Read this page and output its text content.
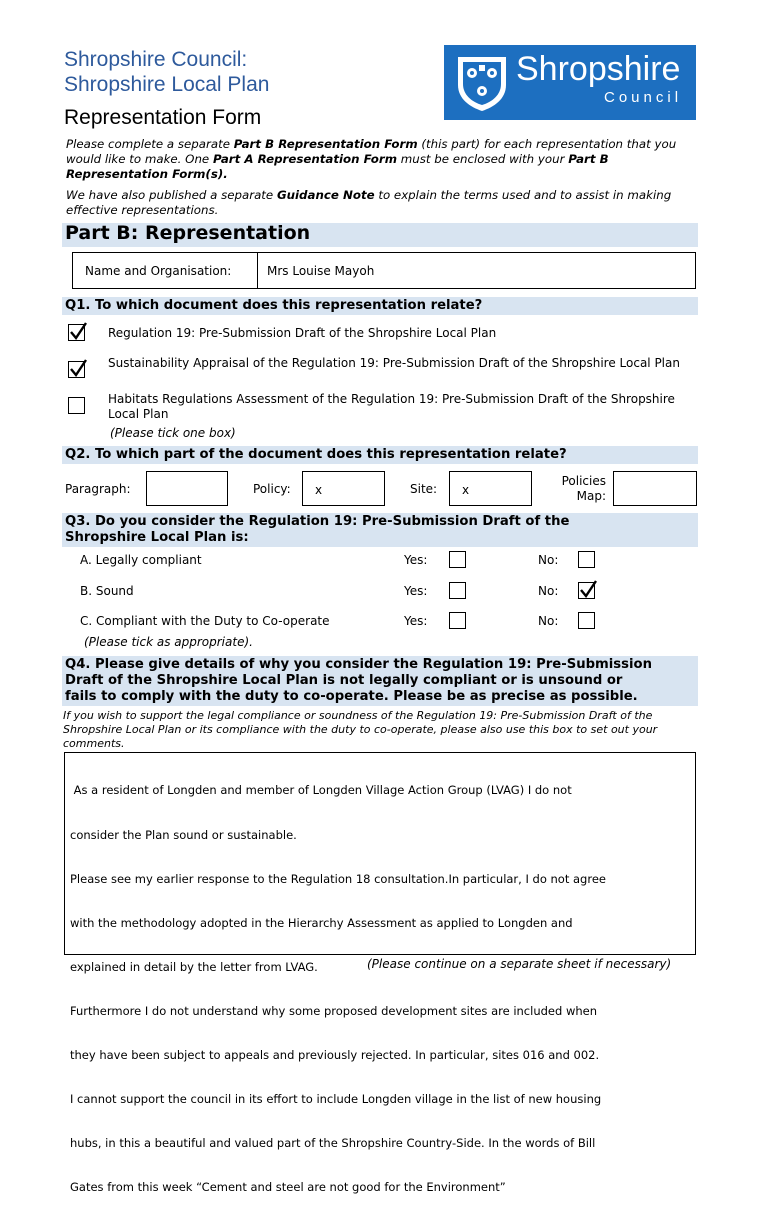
Shropshire Council:
Shropshire Local Plan
Representation Form
Shropshire
Council
Please complete a separate Part B Representation Form (this part) for each representation that you would like to make. One Part A Representation Form must be enclosed with your Part B Representation Form(s).
We have also published a separate Guidance Note to explain the terms used and to assist in making effective representations.
Part B: Representation
Name and Organisation:	Mrs Louise Mayoh
Q1. To which document does this representation relate?
Regulation 19: Pre-Submission Draft of the Shropshire Local Plan
Sustainability Appraisal of the Regulation 19: Pre-Submission Draft of the Shropshire Local Plan
Habitats Regulations Assessment of the Regulation 19: Pre-Submission Draft of the Shropshire Local Plan
(Please tick one box)
Q2. To which part of the document does this representation relate?
Paragraph:	Policy:	x	Site:	x
Policies
Map:
Q3. Do you consider the Regulation 19: Pre-Submission Draft of the
Shropshire Local Plan is:
A. Legally compliant	Yes:	No:
B. Sound	Yes:	No:
C. Compliant with the Duty to Co-operate	Yes:	No:
(Please tick as appropriate).
Q4. Please give details of why you consider the Regulation 19: Pre-Submission
Draft of the Shropshire Local Plan is not legally compliant or is unsound or
fails to comply with the duty to co-operate. Please be as precise as possible.
If you wish to support the legal compliance or soundness of the Regulation 19: Pre-Submission Draft of the Shropshire Local Plan or its compliance with the duty to co-operate, please also use this box to set out your comments.

As a resident of Longden and member of Longden Village Action Group (LVAG) I do not

consider the Plan sound or sustainable.

Please see my earlier response to the Regulation 18 consultation.In particular, I do not agree

with the methodology adopted in the Hierarchy Assessment as applied to Longden and

explained in detail by the letter from LVAG.

Furthermore I do not understand why some proposed development sites are included when

they have been subject to appeals and previously rejected. In particular, sites 016 and 002.

I cannot support the council in its effort to include Longden village in the list of new housing

hubs, in this a beautiful and valued part of the Shropshire Country-Side. In the words of Bill

Gates from this week “Cement and steel are not good for the Environment”

(Please continue on a separate sheet if necessary)
